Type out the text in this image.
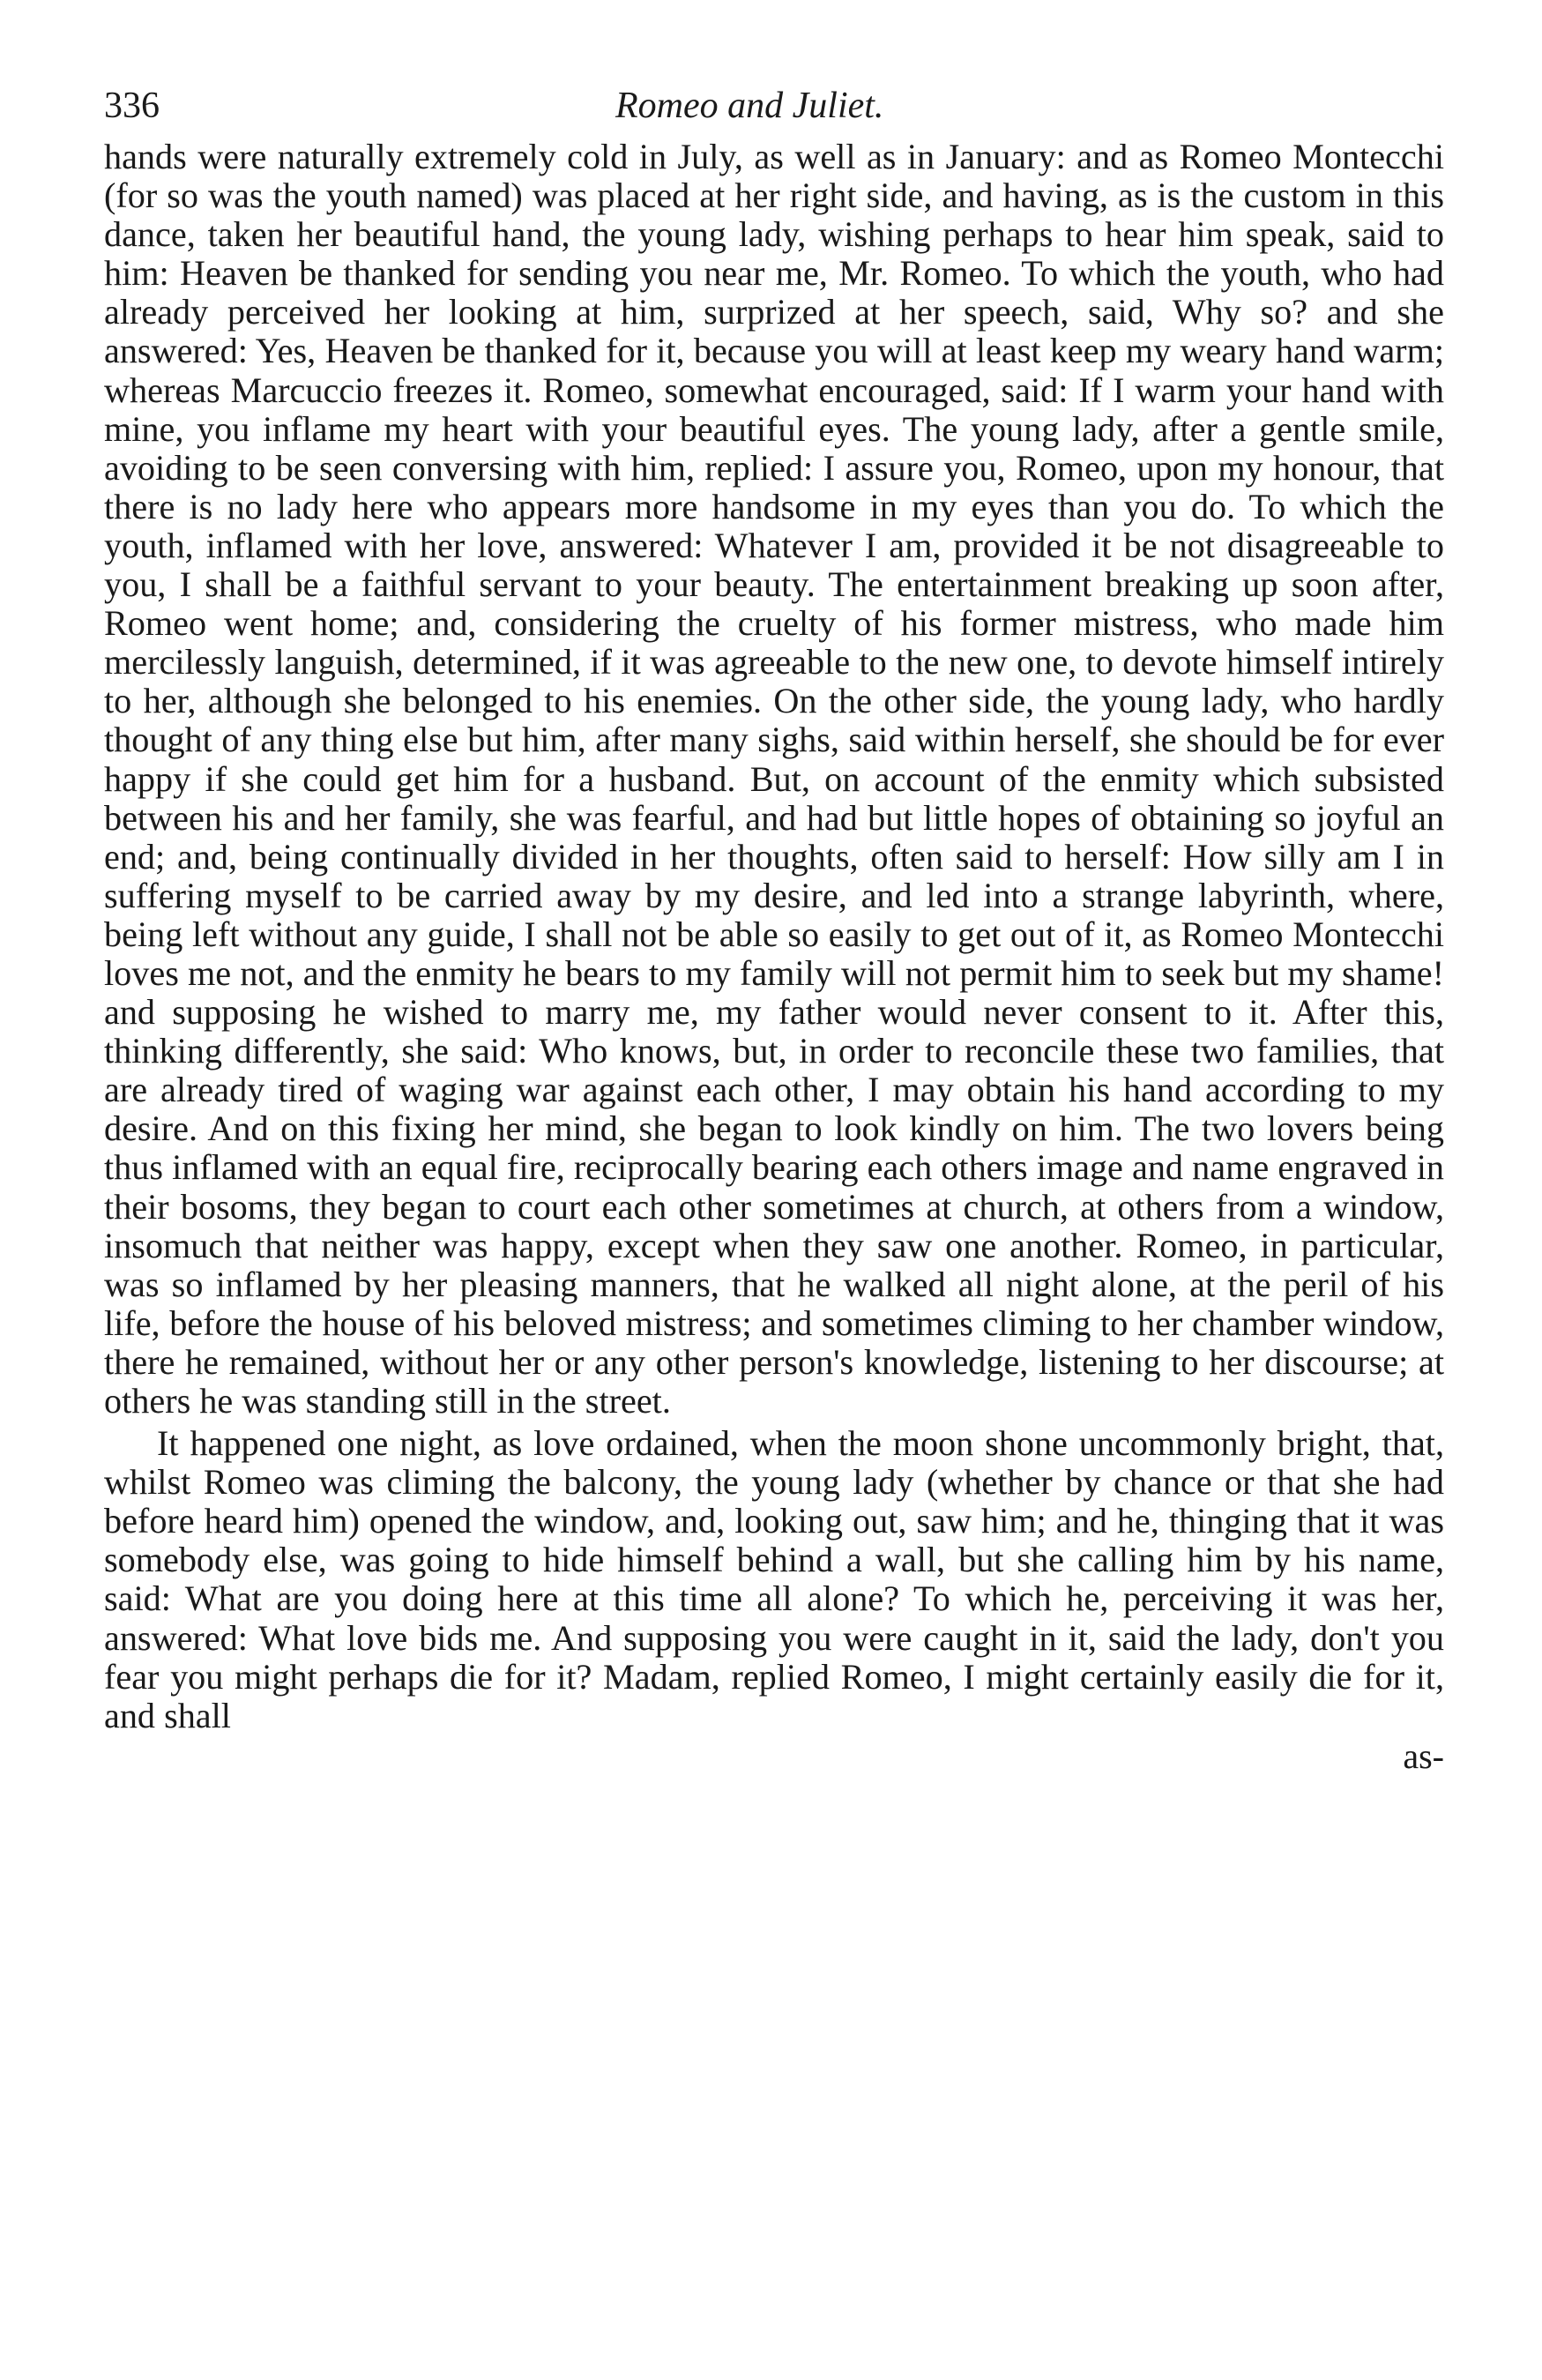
336	Romeo and Juliet.

hands were naturally extremely cold in July, as well as in January: and as Romeo Montecchi (for so was the youth named) was placed at her right side, and having, as is the custom in this dance, taken her beautiful hand, the young lady, wishing perhaps to hear him speak, said to him: Heaven be thanked for sending you near me, Mr. Romeo. To which the youth, who had already perceived her looking at him, surprized at her speech, said, Why so? and she answered: Yes, Heaven be thanked for it, because you will at least keep my weary hand warm; whereas Marcuccio freezes it. Romeo, somewhat encouraged, said: If I warm your hand with mine, you inflame my heart with your beautiful eyes. The young lady, after a gentle smile, avoiding to be seen conversing with him, replied: I assure you, Romeo, upon my honour, that there is no lady here who appears more handsome in my eyes than you do. To which the youth, inflamed with her love, answered: Whatever I am, provided it be not disagreeable to you, I shall be a faithful servant to your beauty. The entertainment breaking up soon after, Romeo went home; and, considering the cruelty of his former mistress, who made him mercilessly languish, determined, if it was agreeable to the new one, to devote himself intirely to her, although she belonged to his enemies. On the other side, the young lady, who hardly thought of any thing else but him, after many sighs, said within herself, she should be for ever happy if she could get him for a husband. But, on account of the enmity which subsisted between his and her family, she was fearful, and had but little hopes of obtaining so joyful an end; and, being continually divided in her thoughts, often said to herself: How silly am I in suffering myself to be carried away by my desire, and led into a strange labyrinth, where, being left without any guide, I shall not be able so easily to get out of it, as Romeo Montecchi loves me not, and the enmity he bears to my family will not permit him to seek but my shame! and supposing he wished to marry me, my father would never consent to it. After this, thinking differently, she said: Who knows, but, in order to reconcile these two families, that are already tired of waging war against each other, I may obtain his hand according to my desire. And on this fixing her mind, she began to look kindly on him. The two lovers being thus inflamed with an equal fire, reciprocally bearing each others image and name engraved in their bosoms, they began to court each other sometimes at church, at others from a window, insomuch that neither was happy, except when they saw one another. Romeo, in particular, was so inflamed by her pleasing manners, that he walked all night alone, at the peril of his life, before the house of his beloved mistress; and sometimes climing to her chamber window, there he remained, without her or any other person's knowledge, listening to her discourse; at others he was standing still in the street.

It happened one night, as love ordained, when the moon shone uncommonly bright, that, whilst Romeo was climing the balcony, the young lady (whether by chance or that she had before heard him) opened the window, and, looking out, saw him; and he, thinging that it was somebody else, was going to hide himself behind a wall, but she calling him by his name, said: What are you doing here at this time all alone? To which he, perceiving it was her, answered: What love bids me. And supposing you were caught in it, said the lady, don't you fear you might perhaps die for it? Madam, replied Romeo, I might certainly easily die for it, and shall

as-
